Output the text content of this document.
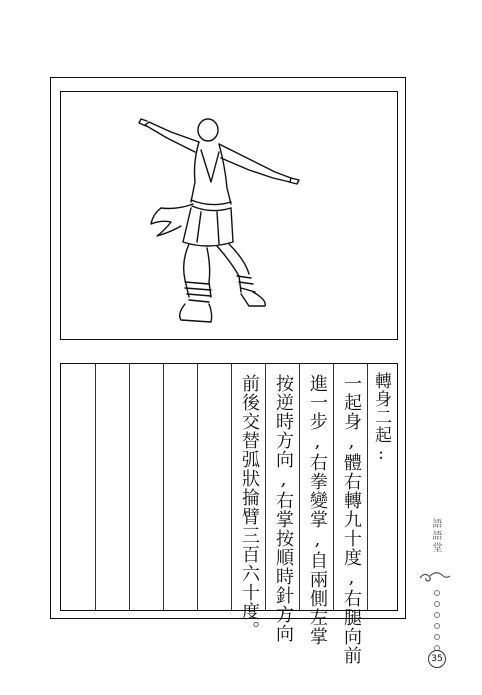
轉身二起:
一起身,體右轉九十度,右腿向前
進一步,右拳變掌,自兩側左掌
按逆時方向,右掌按順時針方向
前後交替弧狀掄臂三百六十度。	語語堂
35
